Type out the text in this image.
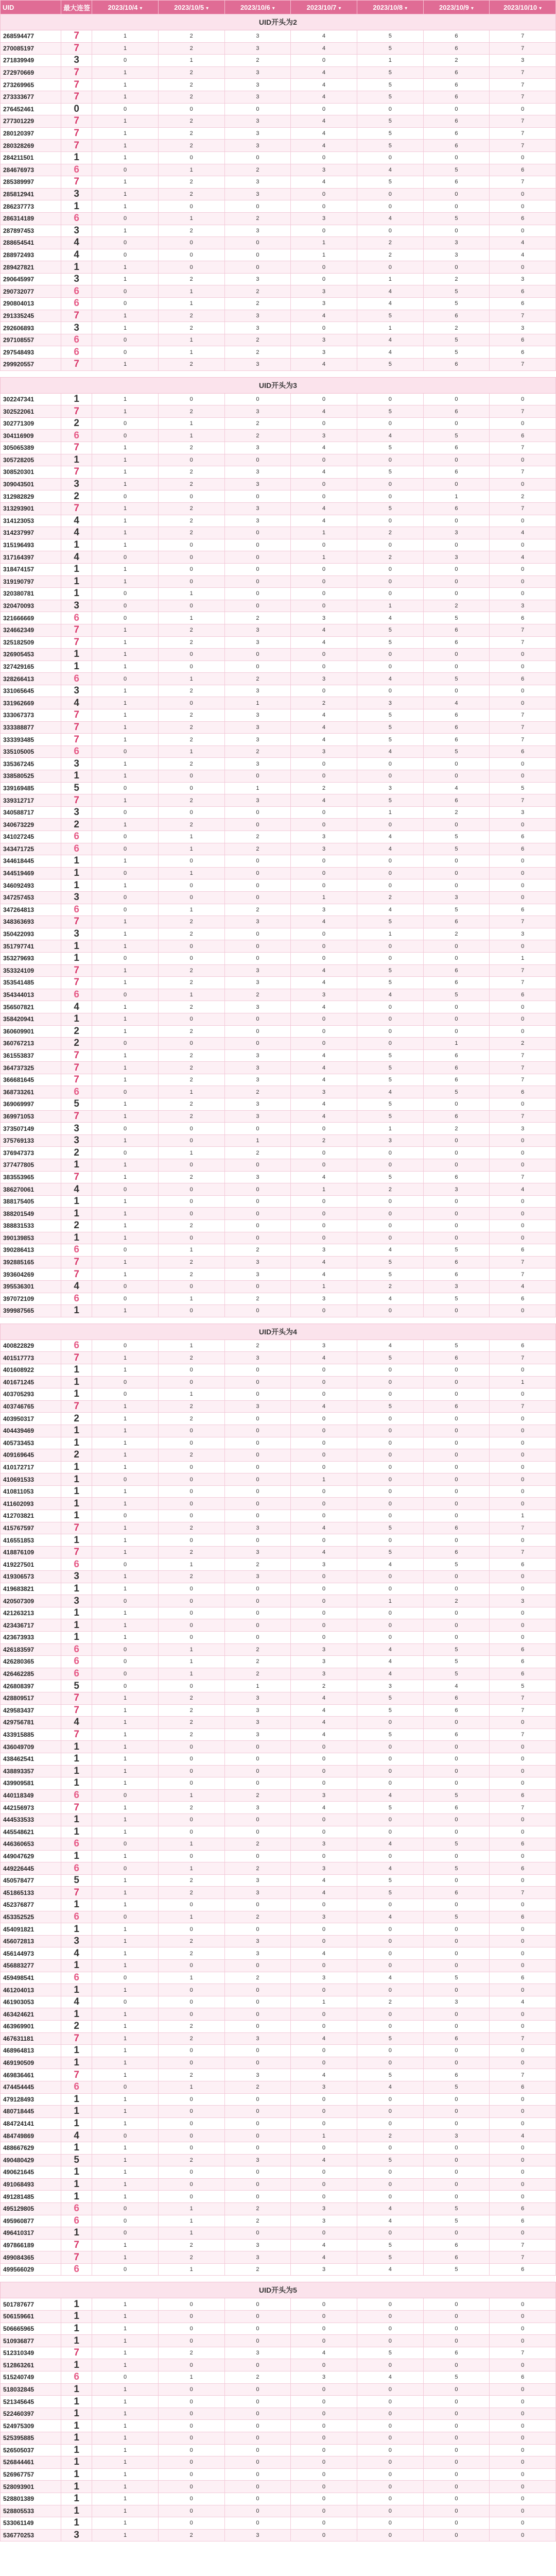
UID	最大连签	2023/10/4 ▾	2023/10/5 ▾	2023/10/6 ▾	2023/10/7 ▾	2023/10/8 ▾	2023/10/9 ▾	2023/10/10 ▾
UID开头为2								
268594477	7	1	2	3	4	5	6	7
270085197	7	1	2	3	4	5	6	7
271839949	3	0	1	2	0	1	2	3
272970669	7	1	2	3	4	5	6	7
273269965	7	1	2	3	4	5	6	7
273333677	7	1	2	3	4	5	6	7
276452461	0	0	0	0	0	0	0	0
277301229	7	1	2	3	4	5	6	7
280120397	7	1	2	3	4	5	6	7
280328269	7	1	2	3	4	5	6	7
284211501	1	1	0	0	0	0	0	0
284676973	6	0	1	2	3	4	5	6
285389997	7	1	2	3	4	5	6	7
285812941	3	1	2	3	0	0	0	0
286237773	1	1	0	0	0	0	0	0
286314189	6	0	1	2	3	4	5	6
287897453	3	1	2	3	0	0	0	0
288654541	4	0	0	0	1	2	3	4
288972493	4	0	0	0	1	2	3	4
289427821	1	1	0	0	0	0	0	0
290645997	3	1	2	3	0	1	2	3
290732077	6	0	1	2	3	4	5	6
290804013	6	0	1	2	3	4	5	6
291335245	7	1	2	3	4	5	6	7
292606893	3	1	2	3	0	1	2	3
297108557	6	0	1	2	3	4	5	6
297548493	6	0	1	2	3	4	5	6
299920557	7	1	2	3	4	5	6	7

UID开头为3								
302247341	1	1	0	0	0	0	0	0
302522061	7	1	2	3	4	5	6	7
302771309	2	0	1	2	0	0	0	0
304116909	6	0	1	2	3	4	5	6
305065389	7	1	2	3	4	5	6	7
305728205	1	1	0	0	0	0	0	0
308520301	7	1	2	3	4	5	6	7
309043501	3	1	2	3	0	0	0	0
312982829	2	0	0	0	0	0	1	2
313293901	7	1	2	3	4	5	6	7
314123053	4	1	2	3	4	0	0	0
314237997	4	1	2	0	1	2	3	4
315196493	1	1	0	0	0	0	0	0
317164397	4	0	0	0	1	2	3	4
318474157	1	1	0	0	0	0	0	0
319190797	1	1	0	0	0	0	0	0
320380781	1	0	1	0	0	0	0	0
320470093	3	0	0	0	0	1	2	3
321666669	6	0	1	2	3	4	5	6
324662349	7	1	2	3	4	5	6	7
325182509	7	1	2	3	4	5	6	7
326905453	1	1	0	0	0	0	0	0
327429165	1	1	0	0	0	0	0	0
328266413	6	0	1	2	3	4	5	6
331065645	3	1	2	3	0	0	0	0
331962669	4	1	0	1	2	3	4	0
333067373	7	1	2	3	4	5	6	7
333388877	7	1	2	3	4	5	6	7
333393485	7	1	2	3	4	5	6	7
335105005	6	0	1	2	3	4	5	6
335367245	3	1	2	3	0	0	0	0
338580525	1	1	0	0	0	0	0	0
339169485	5	0	0	1	2	3	4	5
339312717	7	1	2	3	4	5	6	7
340588717	3	0	0	0	0	1	2	3
340673229	2	1	2	0	0	0	0	0
341027245	6	0	1	2	3	4	5	6
343471725	6	0	1	2	3	4	5	6
344618445	1	1	0	0	0	0	0	0
344519469	1	0	1	0	0	0	0	0
346092493	1	1	0	0	0	0	0	0
347257453	3	0	0	0	1	2	3	0
347264813	6	0	1	2	3	4	5	6
348363693	7	1	2	3	4	5	6	7
350422093	3	1	2	0	0	1	2	3
351797741	1	1	0	0	0	0	0	0
353279693	1	0	0	0	0	0	0	1
353324109	7	1	2	3	4	5	6	7
353541485	7	1	2	3	4	5	6	7
354344013	6	0	1	2	3	4	5	6
356507821	4	1	2	3	4	0	0	0
358420941	1	1	0	0	0	0	0	0
360609901	2	1	2	0	0	0	0	0
360767213	2	0	0	0	0	0	1	2
361553837	7	1	2	3	4	5	6	7
364737325	7	1	2	3	4	5	6	7
366681645	7	1	2	3	4	5	6	7
368733261	6	0	1	2	3	4	5	6
369069997	5	1	2	3	4	5	0	0
369971053	7	1	2	3	4	5	6	7
373507149	3	0	0	0	0	1	2	3
375769133	3	1	0	1	2	3	0	0
376947373	2	0	1	2	0	0	0	0
377477805	1	1	0	0	0	0	0	0
383553965	7	1	2	3	4	5	6	7
386270061	4	0	0	0	1	2	3	4
388175405	1	1	0	0	0	0	0	0
388201549	1	1	0	0	0	0	0	0
388831533	2	1	2	0	0	0	0	0
390139853	1	1	0	0	0	0	0	0
390286413	6	0	1	2	3	4	5	6
392885165	7	1	2	3	4	5	6	7
393604269	7	1	2	3	4	5	6	7
395536301	4	0	0	0	1	2	3	4
397072109	6	0	1	2	3	4	5	6
399987565	1	1	0	0	0	0	0	0

UID开头为4								
400822829	6	0	1	2	3	4	5	6
401517773	7	1	2	3	4	5	6	7
401608922	1	1	0	0	0	0	0	0
401671245	1	0	0	0	0	0	0	1
403705293	1	0	1	0	0	0	0	0
403746765	7	1	2	3	4	5	6	7
403950317	2	1	2	0	0	0	0	0
404439469	1	1	0	0	0	0	0	0
405733453	1	1	0	0	0	0	0	0
409169645	2	1	2	0	0	0	0	0
410172717	1	1	0	0	0	0	0	0
410691533	1	0	0	0	1	0	0	0
410811053	1	1	0	0	0	0	0	0
411602093	1	1	0	0	0	0	0	0
412703821	1	0	0	0	0	0	0	1
415767597	7	1	2	3	4	5	6	7
416551853	1	1	0	0	0	0	0	0
418876109	7	1	2	3	4	5	6	7
419227501	6	0	1	2	3	4	5	6
419306573	3	1	2	3	0	0	0	0
419683821	1	1	0	0	0	0	0	0
420507309	3	0	0	0	0	1	2	3
421263213	1	1	0	0	0	0	0	0
423436717	1	1	0	0	0	0	0	0
423673933	1	1	0	0	0	0	0	0
426183597	6	0	1	2	3	4	5	6
426280365	6	0	1	2	3	4	5	6
426462285	6	0	1	2	3	4	5	6
426808397	5	0	0	1	2	3	4	5
428809517	7	1	2	3	4	5	6	7
429583437	7	1	2	3	4	5	6	7
429756781	4	1	2	3	4	0	0	0
433915885	7	1	2	3	4	5	6	7
436049709	1	1	0	0	0	0	0	0
438462541	1	1	0	0	0	0	0	0
438893357	1	1	0	0	0	0	0	0
439909581	1	1	0	0	0	0	0	0
440118349	6	0	1	2	3	4	5	6
442156973	7	1	2	3	4	5	6	7
444533533	1	1	0	0	0	0	0	0
445548621	1	1	0	0	0	0	0	0
446360653	6	0	1	2	3	4	5	6
449047629	1	1	0	0	0	0	0	0
449226445	6	0	1	2	3	4	5	6
450578477	5	1	2	3	4	5	0	0
451865133	7	1	2	3	4	5	6	7
452376877	1	1	0	0	0	0	0	0
453352525	6	0	1	2	3	4	5	6
454091821	1	1	0	0	0	0	0	0
456072813	3	1	2	3	0	0	0	0
456144973	4	1	2	3	4	0	0	0
456883277	1	1	0	0	0	0	0	0
459498541	6	0	1	2	3	4	5	6
461204013	1	1	0	0	0	0	0	0
461903053	4	0	0	0	1	2	3	4
463424621	1	1	0	0	0	0	0	0
463969901	2	1	2	0	0	0	0	0
467631181	7	1	2	3	4	5	6	7
468964813	1	1	0	0	0	0	0	0
469190509	1	1	0	0	0	0	0	0
469836461	7	1	2	3	4	5	6	7
474454445	6	0	1	2	3	4	5	6
479128493	1	1	0	0	0	0	0	0
480718445	1	1	0	0	0	0	0	0
484724141	1	1	0	0	0	0	0	0
484749869	4	0	0	0	1	2	3	4
488667629	1	1	0	0	0	0	0	0
490480429	5	1	2	3	4	5	0	0
490621645	1	1	0	0	0	0	0	0
491068493	1	1	0	0	0	0	0	0
491281485	1	1	0	0	0	0	0	0
495129805	6	0	1	2	3	4	5	6
495960877	6	0	1	2	3	4	5	6
496410317	1	0	1	0	0	0	0	0
497866189	7	1	2	3	4	5	6	7
499084365	7	1	2	3	4	5	6	7
499566029	6	0	1	2	3	4	5	6

UID开头为5								
501787677	1	1	0	0	0	0	0	0
506159661	1	1	0	0	0	0	0	0
506665965	1	1	0	0	0	0	0	0
510936877	1	1	0	0	0	0	0	0
512310349	7	1	2	3	4	5	6	7
512863261	1	1	0	0	0	0	0	0
515240749	6	0	1	2	3	4	5	6
518032845	1	1	0	0	0	0	0	0
521345645	1	1	0	0	0	0	0	0
522460397	1	1	0	0	0	0	0	0
524975309	1	1	0	0	0	0	0	0
525395885	1	1	0	0	0	0	0	0
526505037	1	1	0	0	0	0	0	0
526844461	1	1	0	0	0	0	0	0
526967757	1	1	0	0	0	0	0	0
528093901	1	1	0	0	0	0	0	0
528801389	1	1	0	0	0	0	0	0
528805533	1	1	0	0	0	0	0	0
533061149	1	1	0	0	0	0	0	0
536770253	3	1	2	3	0	0	0	0
